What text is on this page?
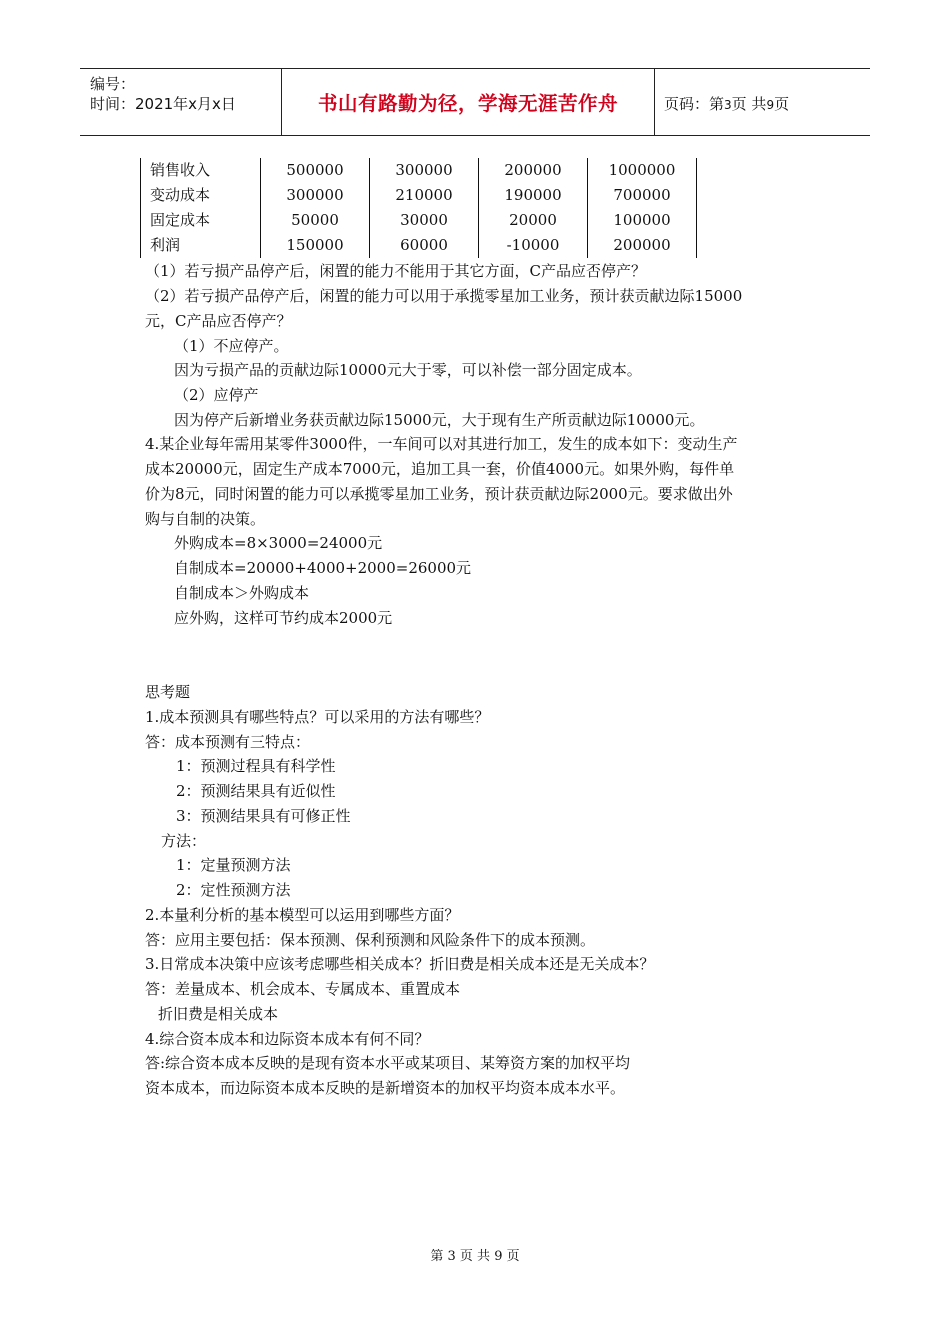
编号：
时间：2021年x月x日	书山有路勤为径，学海无涯苦作舟	页码：第3页 共9页
销售收入	500000	300000	200000	1000000
变动成本	300000	210000	190000	700000
固定成本	50000	30000	20000	100000
利润	150000	60000	-10000	200000
（1）若亏损产品停产后，闲置的能力不能用于其它方面，C产品应否停产？
（2）若亏损产品停产后，闲置的能力可以用于承揽零星加工业务，预计获贡献边际15000
元，C产品应否停产？
（1）不应停产。
因为亏损产品的贡献边际10000元大于零，可以补偿一部分固定成本。
（2）应停产
因为停产后新增业务获贡献边际15000元，大于现有生产所贡献边际10000元。
4.某企业每年需用某零件3000件，一车间可以对其进行加工，发生的成本如下：变动生产
成本20000元，固定生产成本7000元，追加工具一套，价值4000元。如果外购，每件单
价为8元，同时闲置的能力可以承揽零星加工业务，预计获贡献边际2000元。要求做出外
购与自制的决策。
外购成本=8×3000=24000元
自制成本=20000+4000+2000=26000元
自制成本＞外购成本
应外购，这样可节约成本2000元
思考题
1.成本预测具有哪些特点？可以采用的方法有哪些？
答：成本预测有三特点：
1：预测过程具有科学性
2：预测结果具有近似性
3：预测结果具有可修正性
方法：
1：定量预测方法
2：定性预测方法
2.本量利分析的基本模型可以运用到哪些方面？
答：应用主要包括：保本预测、保利预测和风险条件下的成本预测。
3.日常成本决策中应该考虑哪些相关成本？折旧费是相关成本还是无关成本？
答：差量成本、机会成本、专属成本、重置成本
折旧费是相关成本
4.综合资本成本和边际资本成本有何不同？
答:综合资本成本反映的是现有资本水平或某项目、某筹资方案的加权平均
资本成本，而边际资本成本反映的是新增资本的加权平均资本成本水平。
第 3 页 共 9 页
